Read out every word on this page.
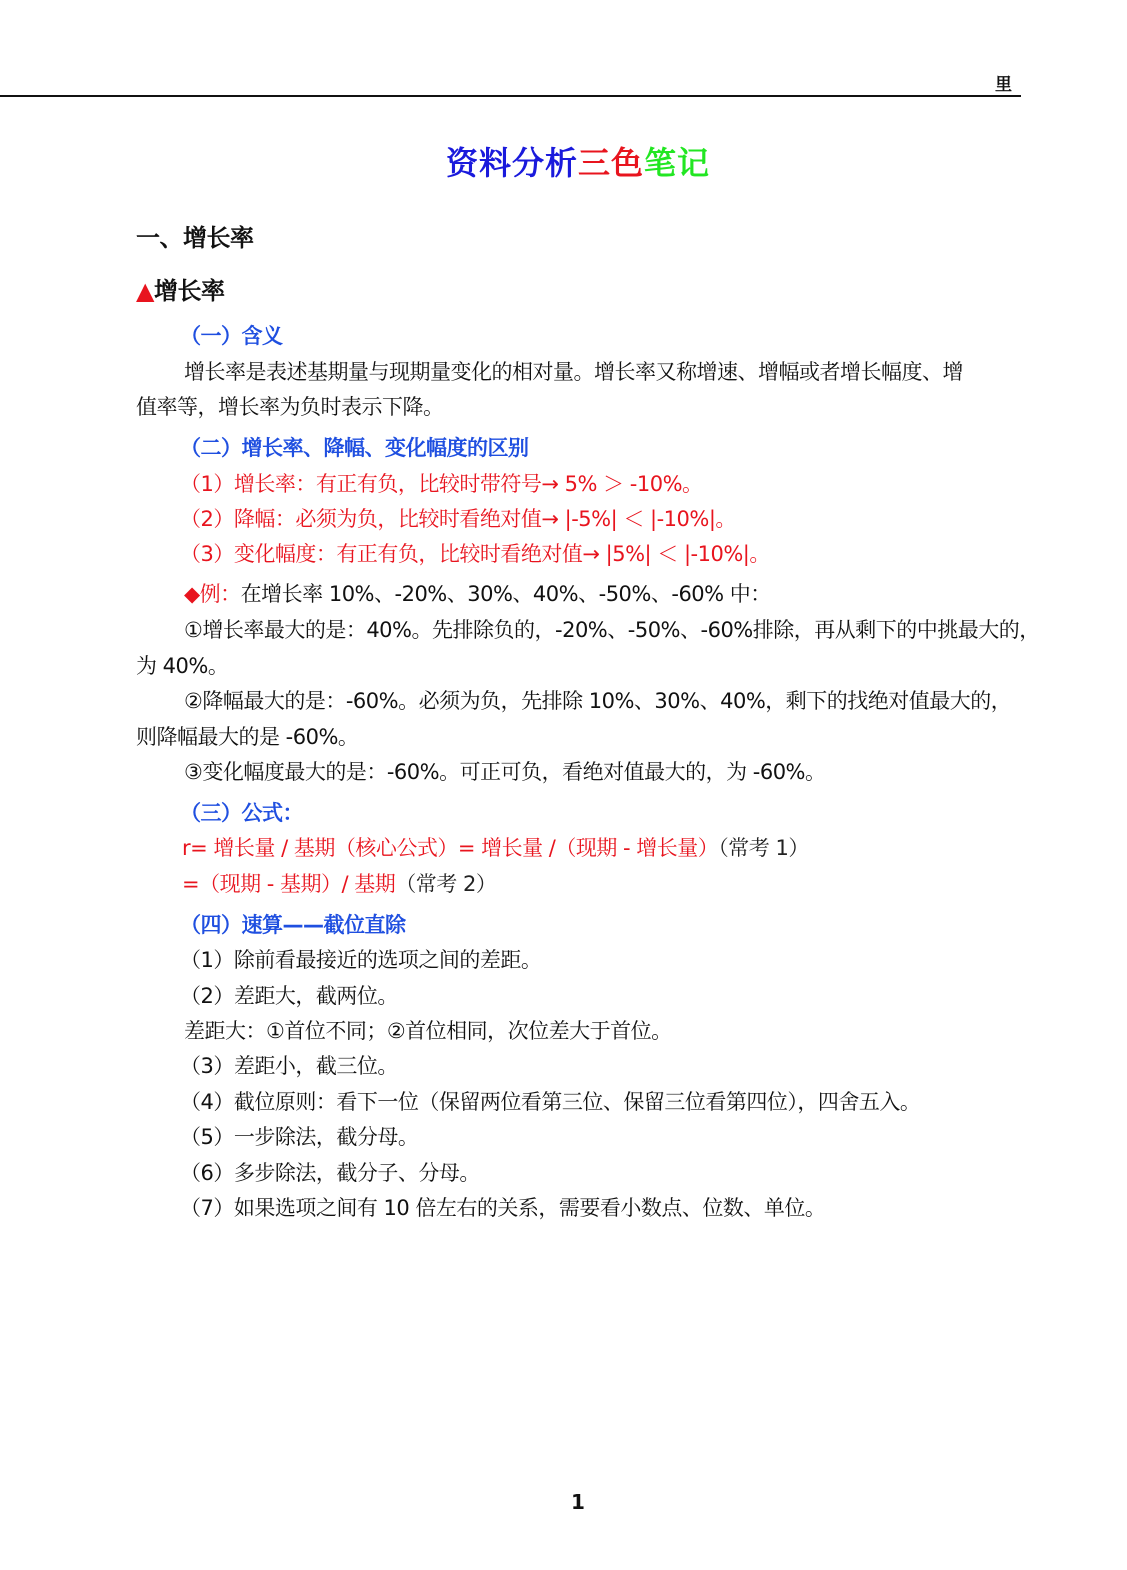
里
资料分析三色笔记
一、增长率
▲增长率
（一）含义
增长率是表述基期量与现期量变化的相对量。增长率又称增速、增幅或者增长幅度、增
值率等，增长率为负时表示下降。
（二）增长率、降幅、变化幅度的区别
（1）增长率：有正有负，比较时带符号→ 5% ＞ -10%。
（2）降幅：必须为负，比较时看绝对值→ |-5%| ＜ |-10%|。
（3）变化幅度：有正有负，比较时看绝对值→ |5%| ＜ |-10%|。
◆例：在增长率 10%、-20%、30%、40%、-50%、-60% 中：
①增长率最大的是：40%。先排除负的，-20%、-50%、-60%排除，再从剩下的中挑最大的，
为 40%。
②降幅最大的是：-60%。必须为负，先排除 10%、30%、40%，剩下的找绝对值最大的，
则降幅最大的是 -60%。
③变化幅度最大的是：-60%。可正可负，看绝对值最大的，为 -60%。
（三）公式：
r= 增长量 / 基期（核心公式）= 增长量 /（现期 - 增长量）（常考 1）
=（现期 - 基期）/ 基期（常考 2）
（四）速算——截位直除
（1）除前看最接近的选项之间的差距。
（2）差距大，截两位。
差距大：①首位不同；②首位相同，次位差大于首位。
（3）差距小，截三位。
（4）截位原则：看下一位（保留两位看第三位、保留三位看第四位），四舍五入。
（5）一步除法，截分母。
（6）多步除法，截分子、分母。
（7）如果选项之间有 10 倍左右的关系，需要看小数点、位数、单位。
1
